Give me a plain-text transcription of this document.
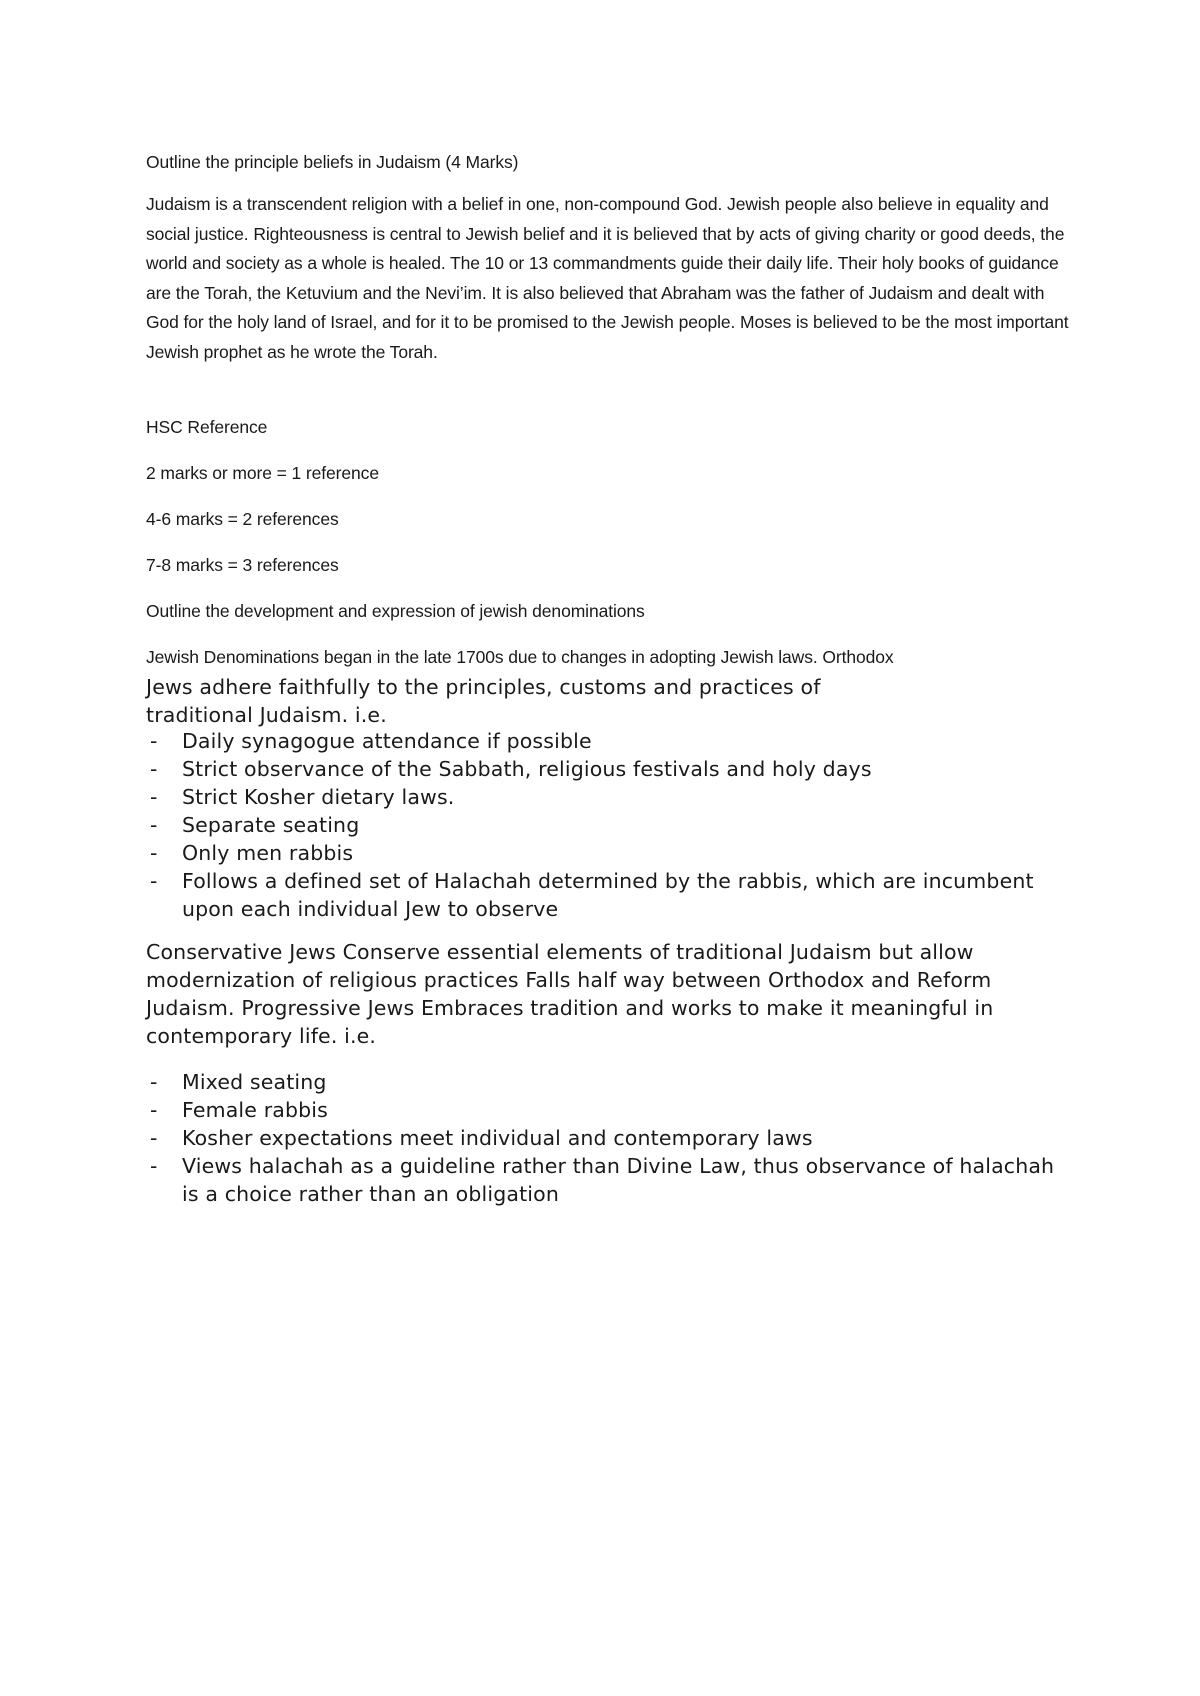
Outline the principle beliefs in Judaism (4 Marks)

Judaism is a transcendent religion with a belief in one, non-compound God. Jewish people also believe in equality and social justice. Righteousness is central to Jewish belief and it is believed that by acts of giving charity or good deeds, the world and society as a whole is healed. The 10 or 13 commandments guide their daily life. Their holy books of guidance are the Torah, the Ketuvium and the Nevi’im. It is also believed that Abraham was the father of Judaism and dealt with God for the holy land of Israel, and for it to be promised to the Jewish people. Moses is believed to be the most important Jewish prophet as he wrote the Torah.

HSC Reference

2 marks or more = 1 reference

4-6 marks = 2 references

7-8 marks = 3 references

Outline the development and expression of jewish denominations

Jewish Denominations began in the late 1700s due to changes in adopting Jewish laws. Orthodox

Jews adhere faithfully to the principles, customs and practices of

traditional Judaism. i.e.

- Daily synagogue attendance if possible
- Strict observance of the Sabbath, religious festivals and holy days
- Strict Kosher dietary laws.
- Separate seating
- Only men rabbis
- Follows a defined set of Halachah determined by the rabbis, which are incumbent upon each individual Jew to observe

Conservative Jews Conserve essential elements of traditional Judaism but allow modernization of religious practices Falls half way between Orthodox and Reform Judaism. Progressive Jews Embraces tradition and works to make it meaningful in contemporary life. i.e.

- Mixed seating
- Female rabbis
- Kosher expectations meet individual and contemporary laws
- Views halachah as a guideline rather than Divine Law, thus observance of halachah is a choice rather than an obligation
